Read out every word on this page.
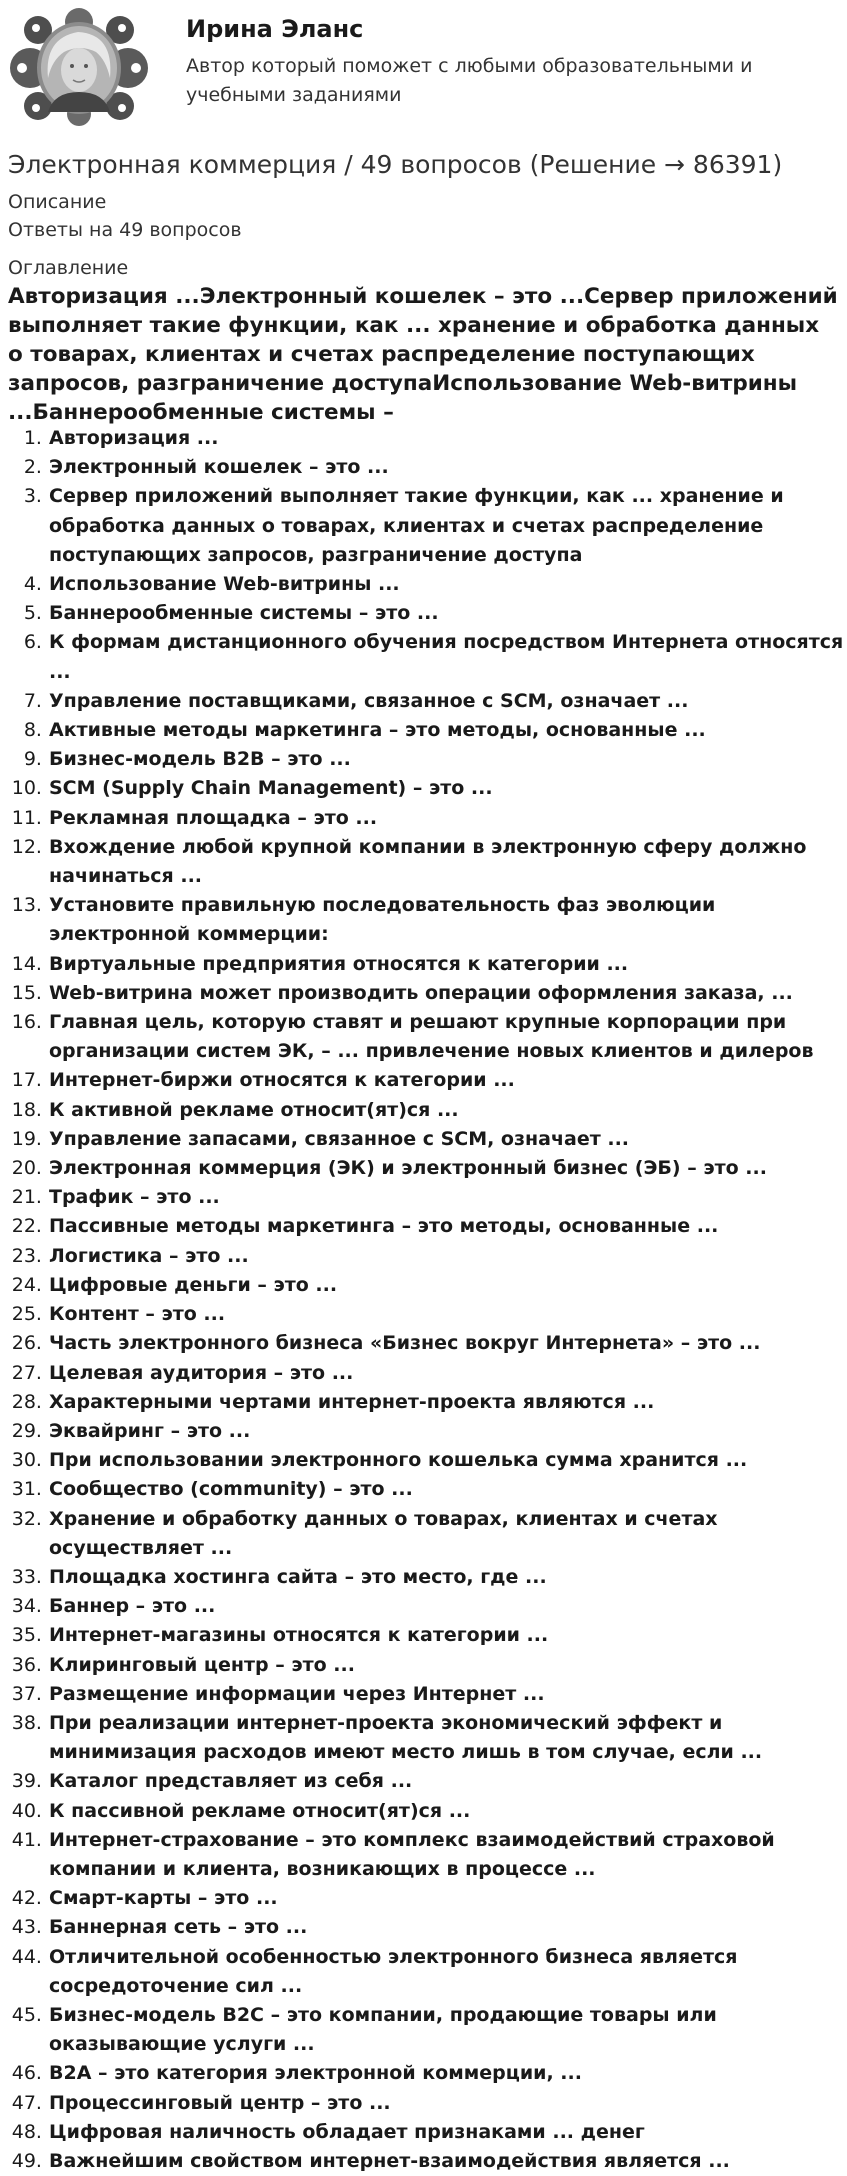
Ирина Эланс
Автор который поможет с любыми образовательными и учебными заданиями
Электронная коммерция / 49 вопросов (Решение → 86391)
Описание
Ответы на 49 вопросов
Оглавление
Авторизация ...Электронный кошелек – это ...Сервер приложений выполняет такие функции, как ... хранение и обработка данных о товарах, клиентах и счетах распределение поступающих запросов, разграничение доступаИспользование Web-витрины ...Баннерообменные системы –
1. Авторизация ...
2. Электронный кошелек – это ...
3. Сервер приложений выполняет такие функции, как ... хранение и обработка данных о товарах, клиентах и счетах распределение поступающих запросов, разграничение доступа
4. Использование Web-витрины ...
5. Баннерообменные системы – это ...
6. К формам дистанционного обучения посредством Интернета относятся ...
7. Управление поставщиками, связанное с SCM, означает ...
8. Активные методы маркетинга – это методы, основанные ...
9. Бизнес-модель B2B – это ...
10. SCM (Supply Chain Management) – это ...
11. Рекламная площадка – это ...
12. Вхождение любой крупной компании в электронную сферу должно начинаться ...
13. Установите правильную последовательность фаз эволюции электронной коммерции:
14. Виртуальные предприятия относятся к категории ...
15. Web-витрина может производить операции оформления заказа, ...
16. Главная цель, которую ставят и решают крупные корпорации при организации систем ЭК, – ... привлечение новых клиентов и дилеров
17. Интернет-биржи относятся к категории ...
18. К активной рекламе относит(ят)ся ...
19. Управление запасами, связанное с SCM, означает ...
20. Электронная коммерция (ЭК) и электронный бизнес (ЭБ) – это ...
21. Трафик – это ...
22. Пассивные методы маркетинга – это методы, основанные ...
23. Логистика – это ...
24. Цифровые деньги – это ...
25. Контент – это ...
26. Часть электронного бизнеса «Бизнес вокруг Интернета» – это ...
27. Целевая аудитория – это ...
28. Характерными чертами интернет-проекта являются ...
29. Эквайринг – это ...
30. При использовании электронного кошелька сумма хранится ...
31. Сообщество (community) – это ...
32. Хранение и обработку данных о товарах, клиентах и счетах осуществляет ...
33. Площадка хостинга сайта – это место, где ...
34. Баннер – это ...
35. Интернет-магазины относятся к категории ...
36. Клиринговый центр – это ...
37. Размещение информации через Интернет ...
38. При реализации интернет-проекта экономический эффект и минимизация расходов имеют место лишь в том случае, если ...
39. Каталог представляет из себя ...
40. К пассивной рекламе относит(ят)ся ...
41. Интернет-страхование – это комплекс взаимодействий страховой компании и клиента, возникающих в процессе ...
42. Смарт-карты – это ...
43. Баннерная сеть – это ...
44. Отличительной особенностью электронного бизнеса является сосредоточение сил ...
45. Бизнес-модель B2C – это компании, продающие товары или оказывающие услуги ...
46. B2A – это категория электронной коммерции, ...
47. Процессинговый центр – это ...
48. Цифровая наличность обладает признаками ... денег
49. Важнейшим свойством интернет-взаимодействия является ...
